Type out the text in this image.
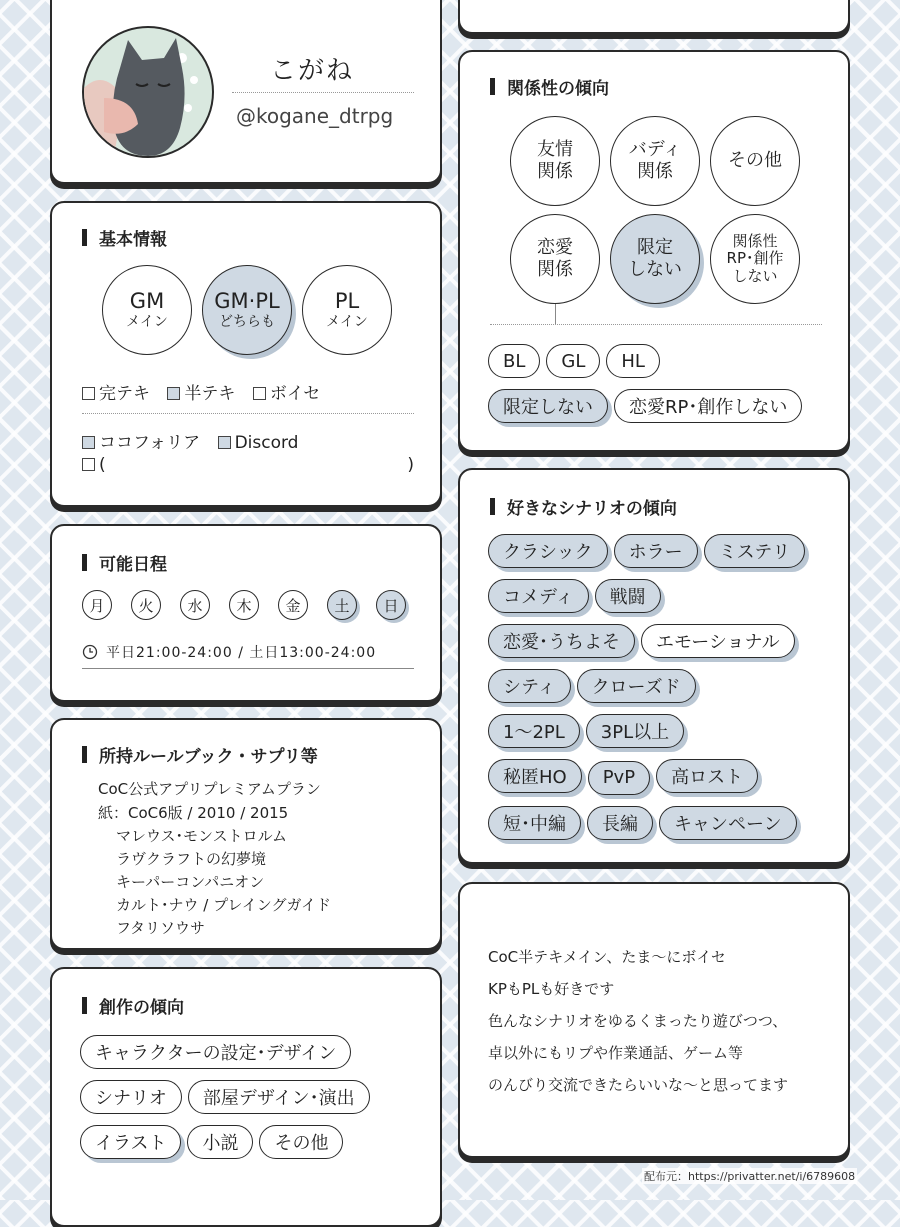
こがね
@kogane_dtrpg
基本情報
GM
メイン
GM·PL
どちらも
PL
メイン
完テキ 半テキ ボイセ
ココフォリア Discord
(	)
可能日程
月 火 水 木 金 土 日
平日21:00-24:00 / 土日13:00-24:00
所持ルールブック・サプリ等
CoC公式アプリプレミアムプラン
紙：CoC6版 / 2010 / 2015
マレウス･モンストロルム
ラヴクラフトの幻夢境
キーパーコンパニオン
カルト･ナウ / プレイングガイド
フタリソウサ
創作の傾向
キャラクターの設定･デザイン
シナリオ 部屋デザイン･演出
イラスト 小説 その他
関係性の傾向
友情
関係
バディ
関係
その他
恋愛
関係
限定
しない
関係性
RP･創作
しない
BL GL HL
限定しない 恋愛RP･創作しない
好きなシナリオの傾向
クラシック ホラー ミステリ
コメディ 戦闘
恋愛･うちよそ エモーショナル
シティ クローズド
1〜2PL 3PL以上
秘匿HO PvP 高ロスト
短･中編 長編 キャンペーン
CoC半テキメイン、たま〜にボイセ
KPもPLも好きです
色んなシナリオをゆるくまったり遊びつつ、
卓以外にもリプや作業通話、ゲーム等
のんびり交流できたらいいな〜と思ってます
配布元：https://privatter.net/i/6789608
